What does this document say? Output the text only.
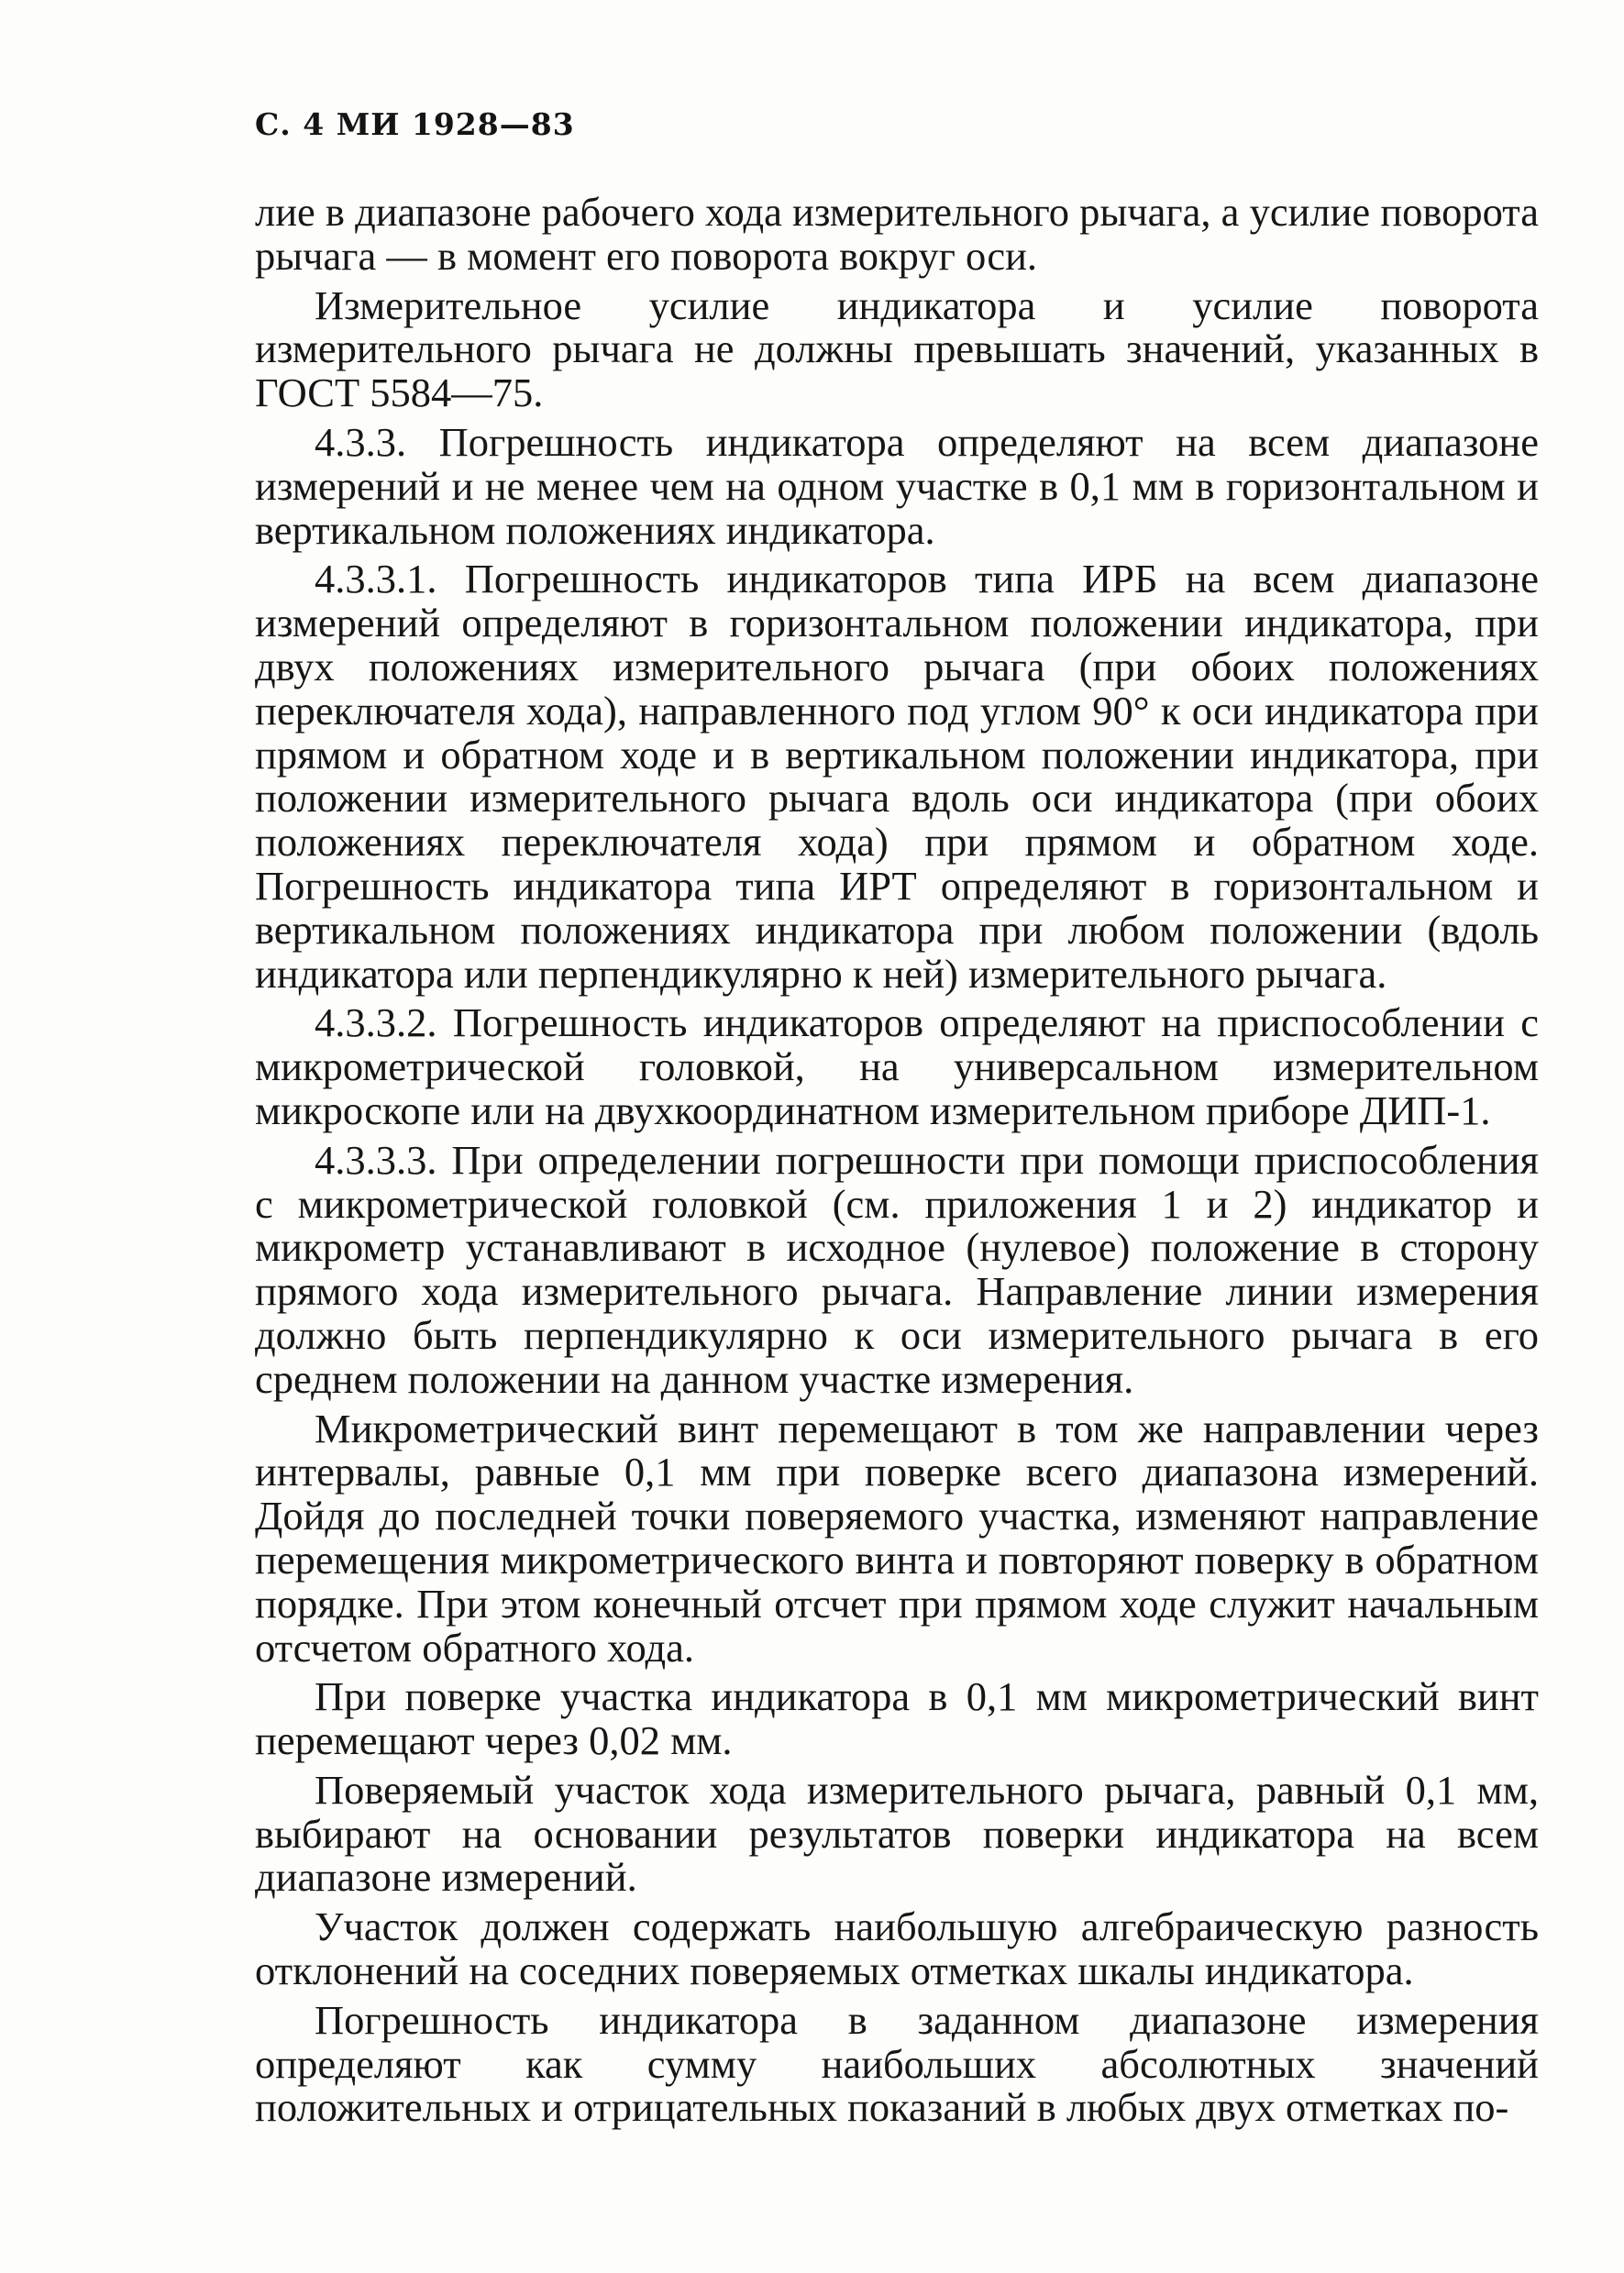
С. 4 МИ 1928—83

лие в диапазоне рабочего хода измерительного рычага, а усилие поворота рычага — в момент его поворота вокруг оси.

Измерительное усилие индикатора и усилие поворота измерительного рычага не должны превышать значений, указанных в ГОСТ 5584—75.

4.3.3. Погрешность индикатора определяют на всем диапазоне измерений и не менее чем на одном участке в 0,1 мм в горизонтальном и вертикальном положениях индикатора.

4.3.3.1. Погрешность индикаторов типа ИРБ на всем диапазоне измерений определяют в горизонтальном положении индикатора, при двух положениях измерительного рычага (при обоих положениях переключателя хода), направленного под углом 90° к оси индикатора при прямом и обратном ходе и в вертикальном положении индикатора, при положении измерительного рычага вдоль оси индикатора (при обоих положениях переключателя хода) при прямом и обратном ходе. Погрешность индикатора типа ИРТ определяют в горизонтальном и вертикальном положениях индикатора при любом положении (вдоль индикатора или перпендикулярно к ней) измерительного рычага.

4.3.3.2. Погрешность индикаторов определяют на приспособлении с микрометрической головкой, на универсальном измерительном микроскопе или на двухкоординатном измерительном приборе ДИП-1.

4.3.3.3. При определении погрешности при помощи приспособления с микрометрической головкой (см. приложения 1 и 2) индикатор и микрометр устанавливают в исходное (нулевое) положение в сторону прямого хода измерительного рычага. Направление линии измерения должно быть перпендикулярно к оси измерительного рычага в его среднем положении на данном участке измерения.

Микрометрический винт перемещают в том же направлении через интервалы, равные 0,1 мм при поверке всего диапазона измерений. Дойдя до последней точки поверяемого участка, изменяют направление перемещения микрометрического винта и повторяют поверку в обратном порядке. При этом конечный отсчет при прямом ходе служит начальным отсчетом обратного хода.

При поверке участка индикатора в 0,1 мм микрометрический винт перемещают через 0,02 мм.

Поверяемый участок хода измерительного рычага, равный 0,1 мм, выбирают на основании результатов поверки индикатора на всем диапазоне измерений.

Участок должен содержать наибольшую алгебраическую разность отклонений на соседних поверяемых отметках шкалы индикатора.

Погрешность индикатора в заданном диапазоне измерения определяют как сумму наибольших абсолютных значений положительных и отрицательных показаний в любых двух отметках по-
